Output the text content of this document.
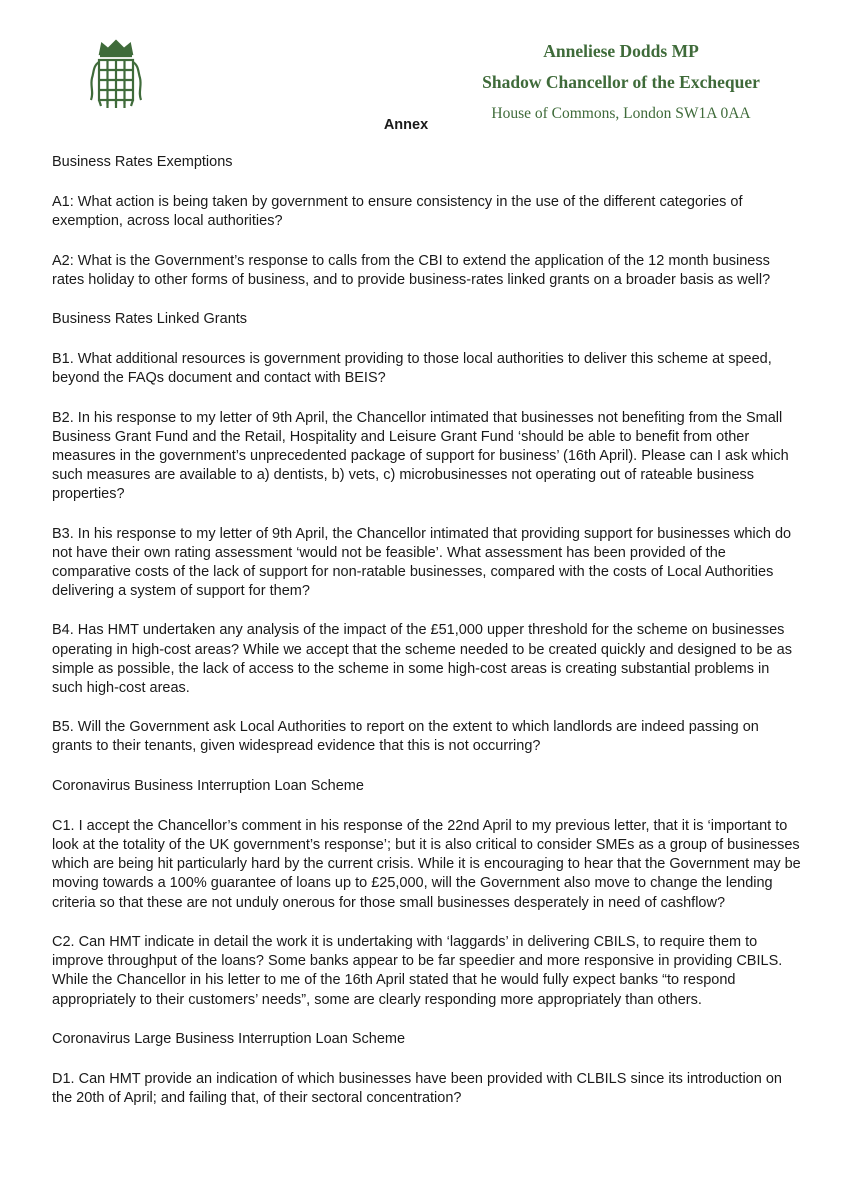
Anneliese Dodds MP
Shadow Chancellor of the Exchequer
House of Commons, London SW1A 0AA
Annex

Business Rates Exemptions

A1: What action is being taken by government to ensure consistency in the use of the different categories of exemption, across local authorities?

A2: What is the Government’s response to calls from the CBI to extend the application of the 12 month business rates holiday to other forms of business, and to provide business-rates linked grants on a broader basis as well?

Business Rates Linked Grants

B1. What additional resources is government providing to those local authorities to deliver this scheme at speed, beyond the FAQs document and contact with BEIS?

B2. In his response to my letter of 9th April, the Chancellor intimated that businesses not benefiting from the Small Business Grant Fund and the Retail, Hospitality and Leisure Grant Fund ‘should be able to benefit from other measures in the government’s unprecedented package of support for business’ (16th April). Please can I ask which such measures are available to a) dentists, b) vets, c) microbusinesses not operating out of rateable business properties?

B3. In his response to my letter of 9th April, the Chancellor intimated that providing support for businesses which do not have their own rating assessment ‘would not be feasible’. What assessment has been provided of the comparative costs of the lack of support for non-ratable businesses, compared with the costs of Local Authorities delivering a system of support for them?

B4. Has HMT undertaken any analysis of the impact of the £51,000 upper threshold for the scheme on businesses operating in high-cost areas? While we accept that the scheme needed to be created quickly and designed to be as simple as possible, the lack of access to the scheme in some high-cost areas is creating substantial problems in such high-cost areas.

B5. Will the Government ask Local Authorities to report on the extent to which landlords are indeed passing on grants to their tenants, given widespread evidence that this is not occurring?

Coronavirus Business Interruption Loan Scheme

C1. I accept the Chancellor’s comment in his response of the 22nd April to my previous letter, that it is ‘important to look at the totality of the UK government’s response’; but it is also critical to consider SMEs as a group of businesses which are being hit particularly hard by the current crisis. While it is encouraging to hear that the Government may be moving towards a 100% guarantee of loans up to £25,000, will the Government also move to change the lending criteria so that these are not unduly onerous for those small businesses desperately in need of cashflow?

C2. Can HMT indicate in detail the work it is undertaking with ‘laggards’ in delivering CBILS, to require them to improve throughput of the loans? Some banks appear to be far speedier and more responsive in providing CBILS. While the Chancellor in his letter to me of the 16th April stated that he would fully expect banks “to respond appropriately to their customers’ needs”, some are clearly responding more appropriately than others.

Coronavirus Large Business Interruption Loan Scheme

D1. Can HMT provide an indication of which businesses have been provided with CLBILS since its introduction on the 20th of April; and failing that, of their sectoral concentration?
